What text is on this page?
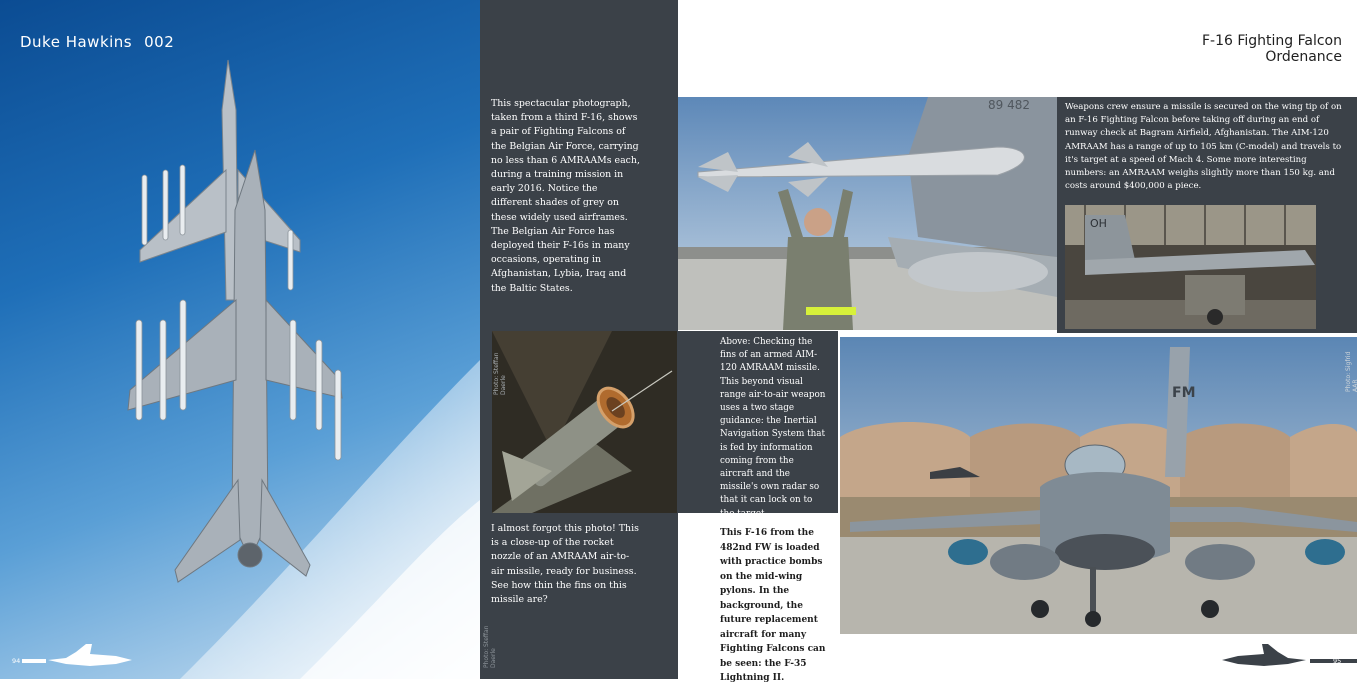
Duke Hawkins 002
94
This spectacular photograph, taken from a third F-16, shows a pair of Fighting Falcons of the Belgian Air Force, carrying no less than 6 AMRAAMs each, during a training mission in early 2016. Notice the different shades of grey on these widely used airframes. The Belgian Air Force has deployed their F-16s in many occasions, operating in Afghanistan, Lybia, Iraq and the Baltic States.
Photo: Steffan Daerle
I almost forgot this photo! This is a close-up of the rocket nozzle of an AMRAAM air-to-air missile, ready for business. See how thin the fins on this missile are?
Photo: Steffan Daerle
F-16 Fighting Falcon
Ordenance
89 482	Weapons crew ensure a missile is secured on the wing tip of on an F-16 Fighting Falcon before taking off during an end of runway check at Bagram Airfield, Afghanistan. The AIM-120 AMRAAM has a range of up to 105 km (C-model) and travels to it's target at a speed of Mach 4. Some more interesting numbers: an AMRAAM weighs slightly more than 150 kg. and costs around $400,000 a piece.
OH
Above: Checking the fins of an armed AIM-120 AMRAAM missile. This beyond visual range air-to-air weapon uses a two stage guidance: the Inertial Navigation System that is fed by information coming from the aircraft and the missile's own radar so that it can lock on to the target.
FM
Photo: Sigfrid AAR
This F-16 from the 482nd FW is loaded with practice bombs on the mid-wing pylons. In the background, the future replacement aircraft for many Fighting Falcons can be seen: the F-35 Lightning II.
95
